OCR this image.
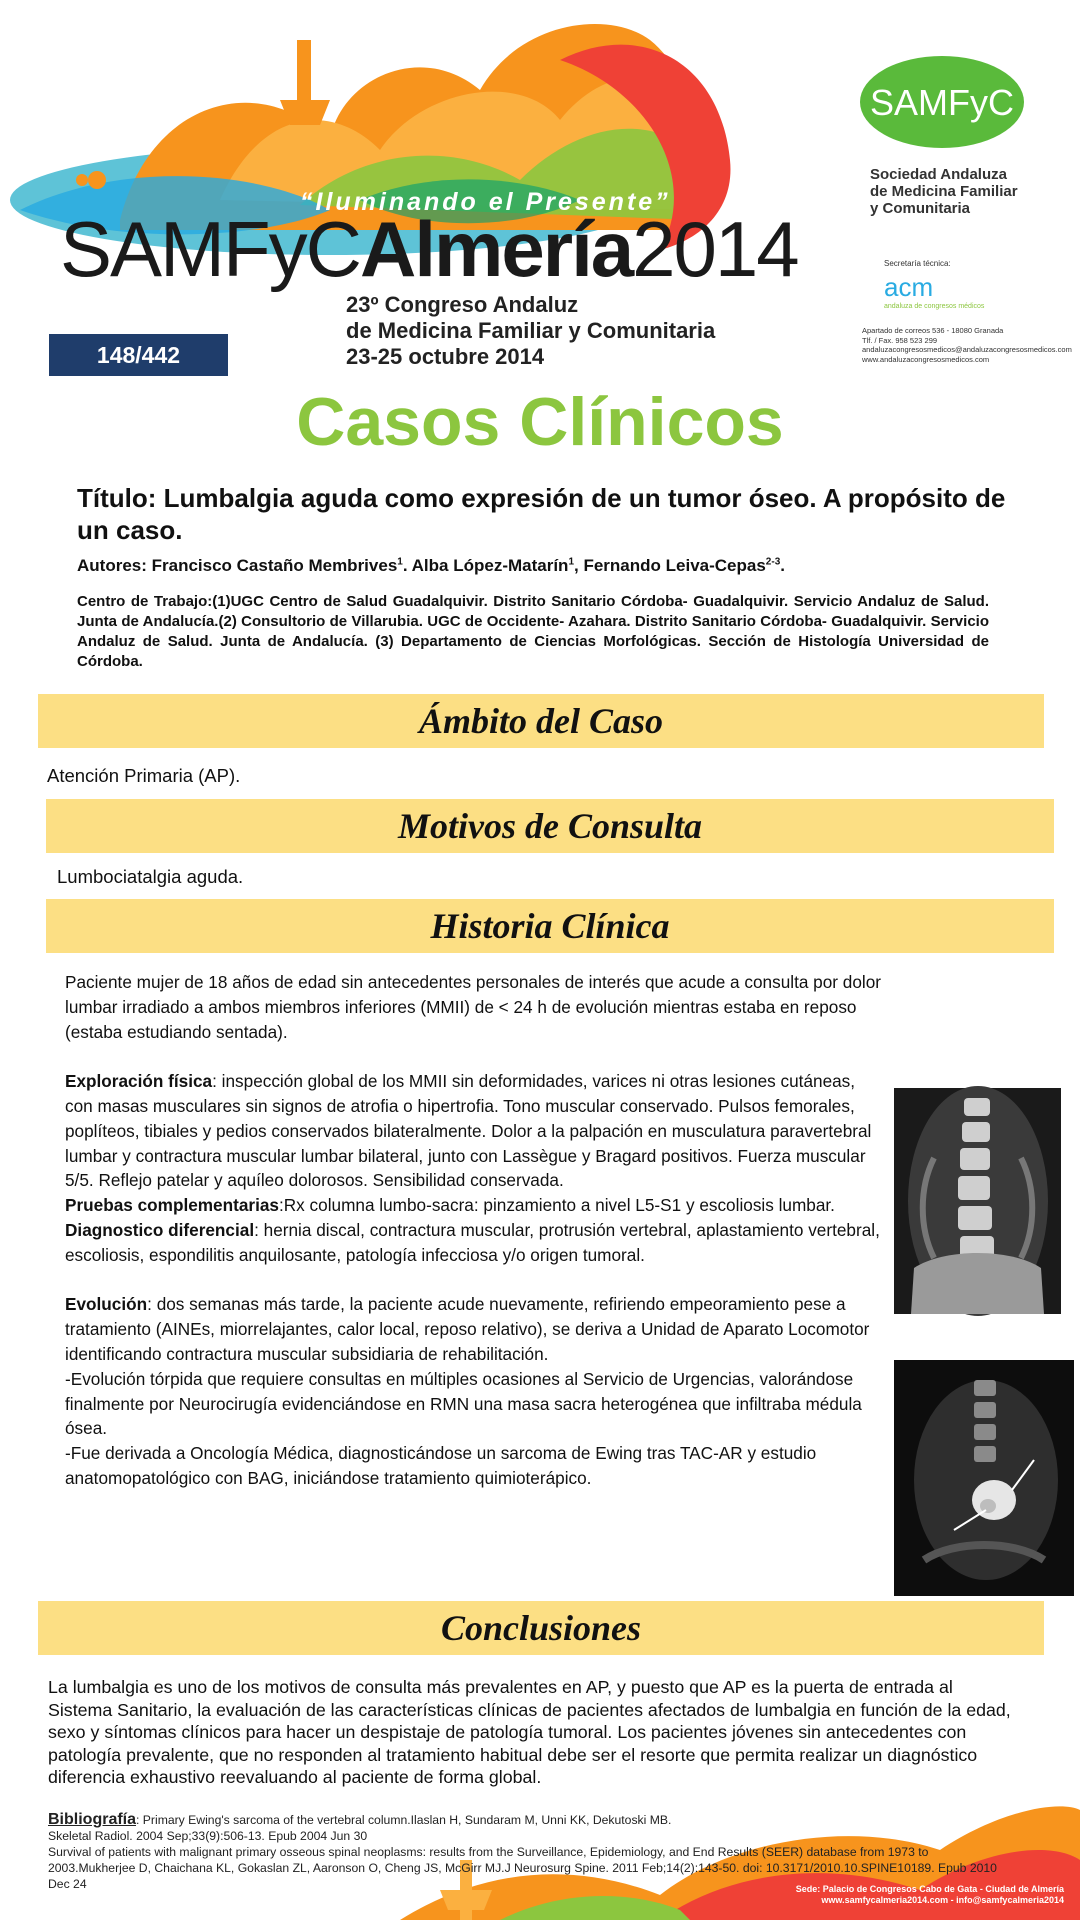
“Iluminando el Presente”
SAMFyCAlmería2014
23º Congreso Andaluz
de Medicina Familiar y Comunitaria
23-25 octubre 2014
148/442
SAMFyC
Sociedad Andaluza
de Medicina Familiar
y Comunitaria
Secretaría técnica:
acm
andaluza de congresos médicos
Apartado de correos 536 - 18080 Granada
Tlf. / Fax. 958 523 299
andaluzacongresosmedicos@andaluzacongresosmedicos.com
www.andaluzacongresosmedicos.com
Casos Clínicos
Título: Lumbalgia aguda como expresión de un tumor óseo. A propósito de un caso.
Autores: Francisco Castaño Membrives$^1$. Alba López-Matarín$^1$, Fernando Leiva-Cepas$^{2-3}$.
Centro de Trabajo:(1)UGC Centro de Salud Guadalquivir. Distrito Sanitario Córdoba- Guadalquivir. Servicio Andaluz de Salud. Junta de Andalucía.(2) Consultorio de Villarubia. UGC de Occidente- Azahara. Distrito Sanitario Córdoba- Guadalquivir. Servicio Andaluz de Salud. Junta de Andalucía. (3) Departamento de Ciencias Morfológicas. Sección de Histología Universidad de Córdoba.
Ámbito del Caso
Atención Primaria (AP).
Motivos de Consulta
Lumbociatalgia aguda.
Historia Clínica

Paciente mujer de 18 años de edad sin antecedentes personales de interés que acude a consulta por dolor lumbar irradiado a ambos miembros inferiores (MMII) de < 24 h de evolución mientras estaba en reposo (estaba estudiando sentada).

Exploración física: inspección global de los MMII sin deformidades, varices ni otras lesiones cutáneas, con masas musculares sin signos de atrofia o hipertrofia. Tono muscular conservado. Pulsos femorales, poplíteos, tibiales y pedios conservados bilateralmente. Dolor a la palpación en musculatura paravertebral lumbar y contractura muscular lumbar bilateral, junto con Lassègue y Bragard positivos. Fuerza muscular 5/5. Reflejo patelar y aquíleo dolorosos. Sensibilidad conservada.

Pruebas complementarias:Rx columna lumbo-sacra: pinzamiento a nivel L5-S1 y escoliosis lumbar.

Diagnostico diferencial: hernia discal, contractura muscular, protrusión vertebral, aplastamiento vertebral, escoliosis, espondilitis anquilosante, patología infecciosa y/o origen tumoral.

Evolución: dos semanas más tarde, la paciente acude nuevamente, refiriendo empeoramiento pese a tratamiento (AINEs, miorrelajantes, calor local, reposo relativo), se deriva a Unidad de Aparato Locomotor identificando contractura muscular subsidiaria de rehabilitación.

-Evolución tórpida que requiere consultas en múltiples ocasiones al Servicio de Urgencias, valorándose finalmente por Neurocirugía evidenciándose en RMN una masa sacra heterogénea que infiltraba médula ósea.

-Fue derivada a Oncología Médica, diagnosticándose un sarcoma de Ewing tras TAC-AR y estudio anatomopatológico con BAG, iniciándose tratamiento quimioterápico.

Conclusiones
La lumbalgia es uno de los motivos de consulta más prevalentes en AP, y puesto que AP es la puerta de entrada al Sistema Sanitario, la evaluación de las características clínicas de pacientes afectados de lumbalgia en función de la edad, sexo y síntomas clínicos para hacer un despistaje de patología tumoral. Los pacientes jóvenes sin antecedentes con patología prevalente, que no responden al tratamiento habitual debe ser el resorte que permita realizar un diagnóstico diferencia exhaustivo reevaluando al paciente de forma global.
Bibliografía: Primary Ewing's sarcoma of the vertebral column.Ilaslan H, Sundaram M, Unni KK, Dekutoski MB.
Skeletal Radiol. 2004 Sep;33(9):506-13. Epub 2004 Jun 30
Survival of patients with malignant primary osseous spinal neoplasms: results from the Surveillance, Epidemiology, and End Results (SEER) database from 1973 to 2003.Mukherjee D, Chaichana KL, Gokaslan ZL, Aaronson O, Cheng JS, McGirr MJ.J Neurosurg Spine. 2011 Feb;14(2):143-50. doi: 10.3171/2010.10.SPINE10189. Epub 2010 Dec 24	Sede: Palacio de Congresos Cabo de Gata - Ciudad de Almería
www.samfycalmeria2014.com - info@samfycalmeria2014
